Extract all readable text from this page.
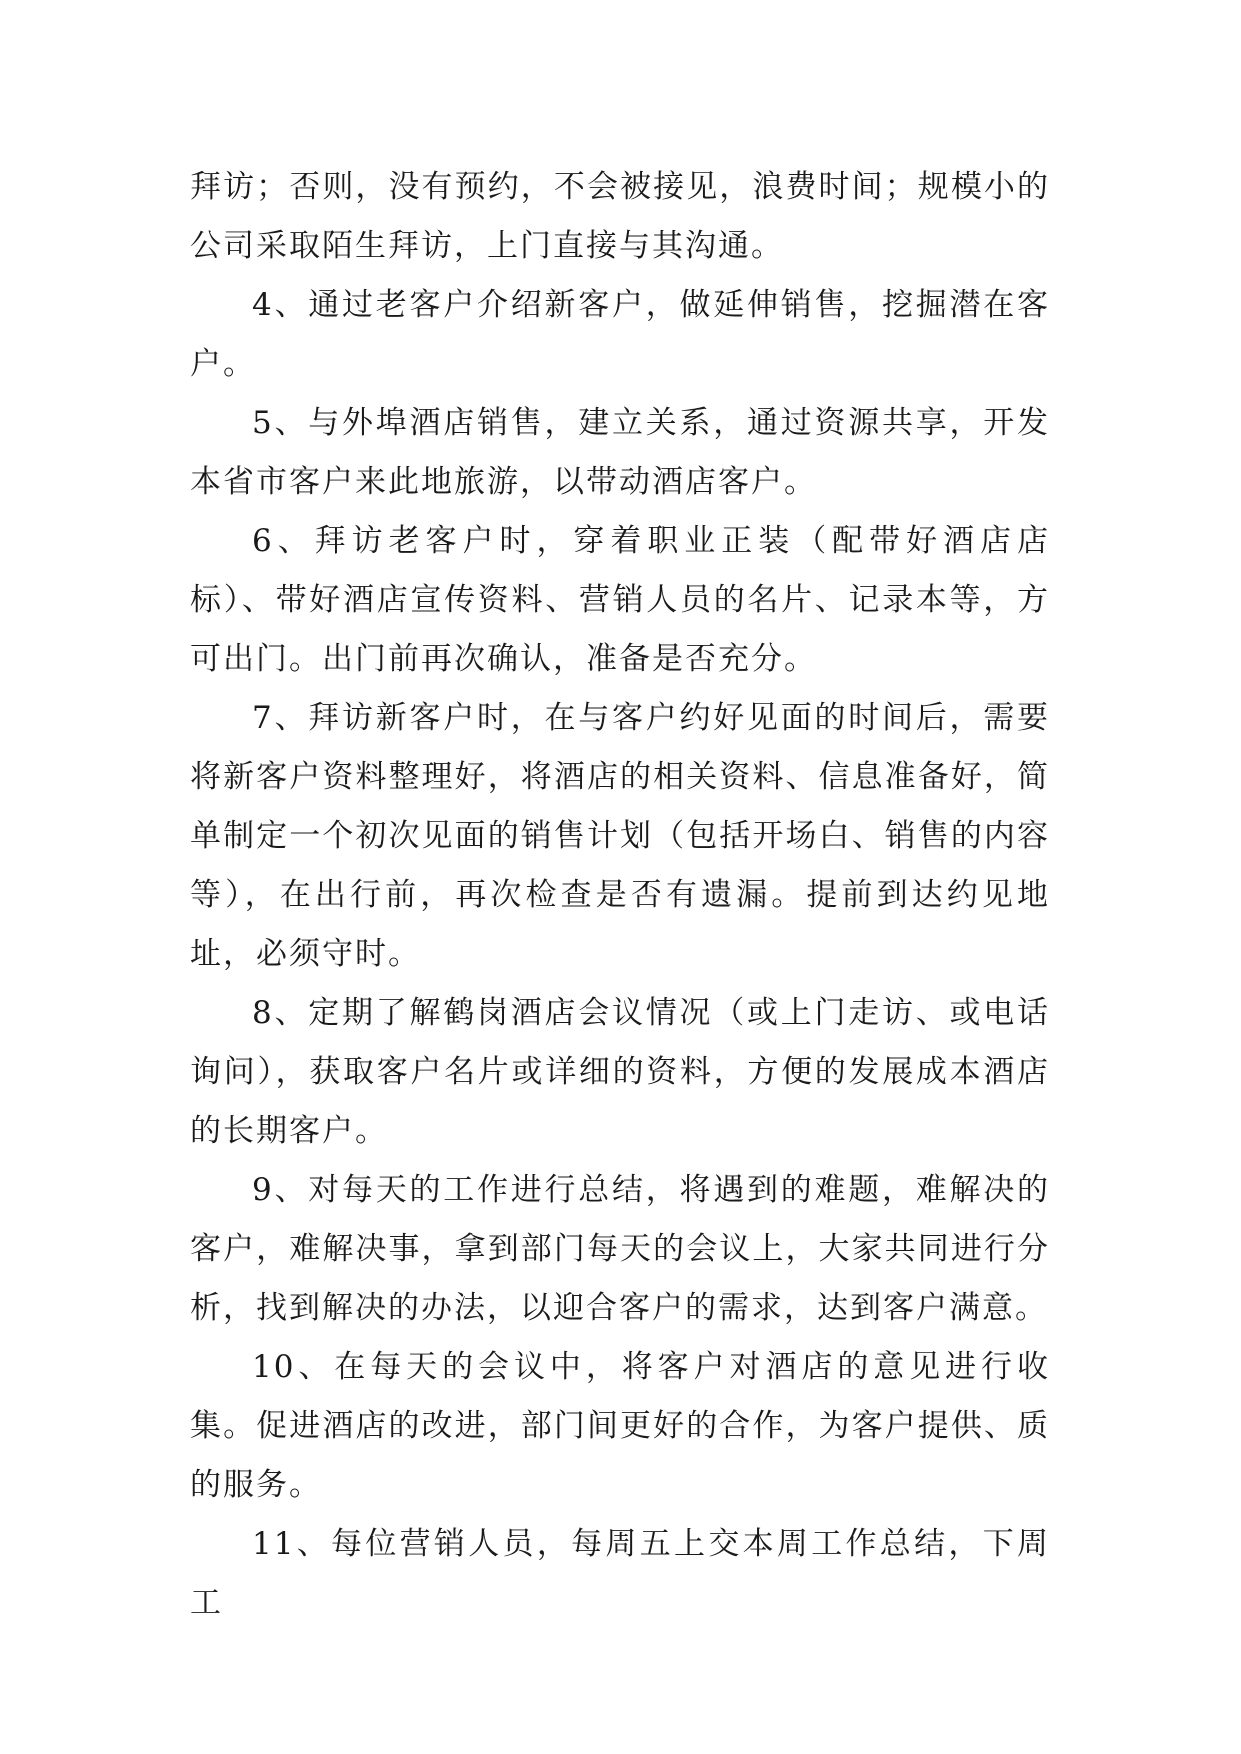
拜访；否则，没有预约，不会被接见，浪费时间；规模小的公司采取陌生拜访，上门直接与其沟通。

4、通过老客户介绍新客户，做延伸销售，挖掘潜在客户。

5、与外埠酒店销售，建立关系，通过资源共享，开发本省市客户来此地旅游，以带动酒店客户。

6、拜访老客户时，穿着职业正装（配带好酒店店标）、带好酒店宣传资料、营销人员的名片、记录本等，方可出门。出门前再次确认，准备是否充分。

7、拜访新客户时，在与客户约好见面的时间后，需要将新客户资料整理好，将酒店的相关资料、信息准备好，简单制定一个初次见面的销售计划（包括开场白、销售的内容等），在出行前，再次检查是否有遗漏。提前到达约见地址，必须守时。

8、定期了解鹤岗酒店会议情况（或上门走访、或电话询问），获取客户名片或详细的资料，方便的发展成本酒店的长期客户。

9、对每天的工作进行总结，将遇到的难题，难解决的客户，难解决事，拿到部门每天的会议上，大家共同进行分析，找到解决的办法，以迎合客户的需求，达到客户满意。

10、在每天的会议中，将客户对酒店的意见进行收集。促进酒店的改进，部门间更好的合作，为客户提供、质的服务。

11、每位营销人员，每周五上交本周工作总结，下周工
